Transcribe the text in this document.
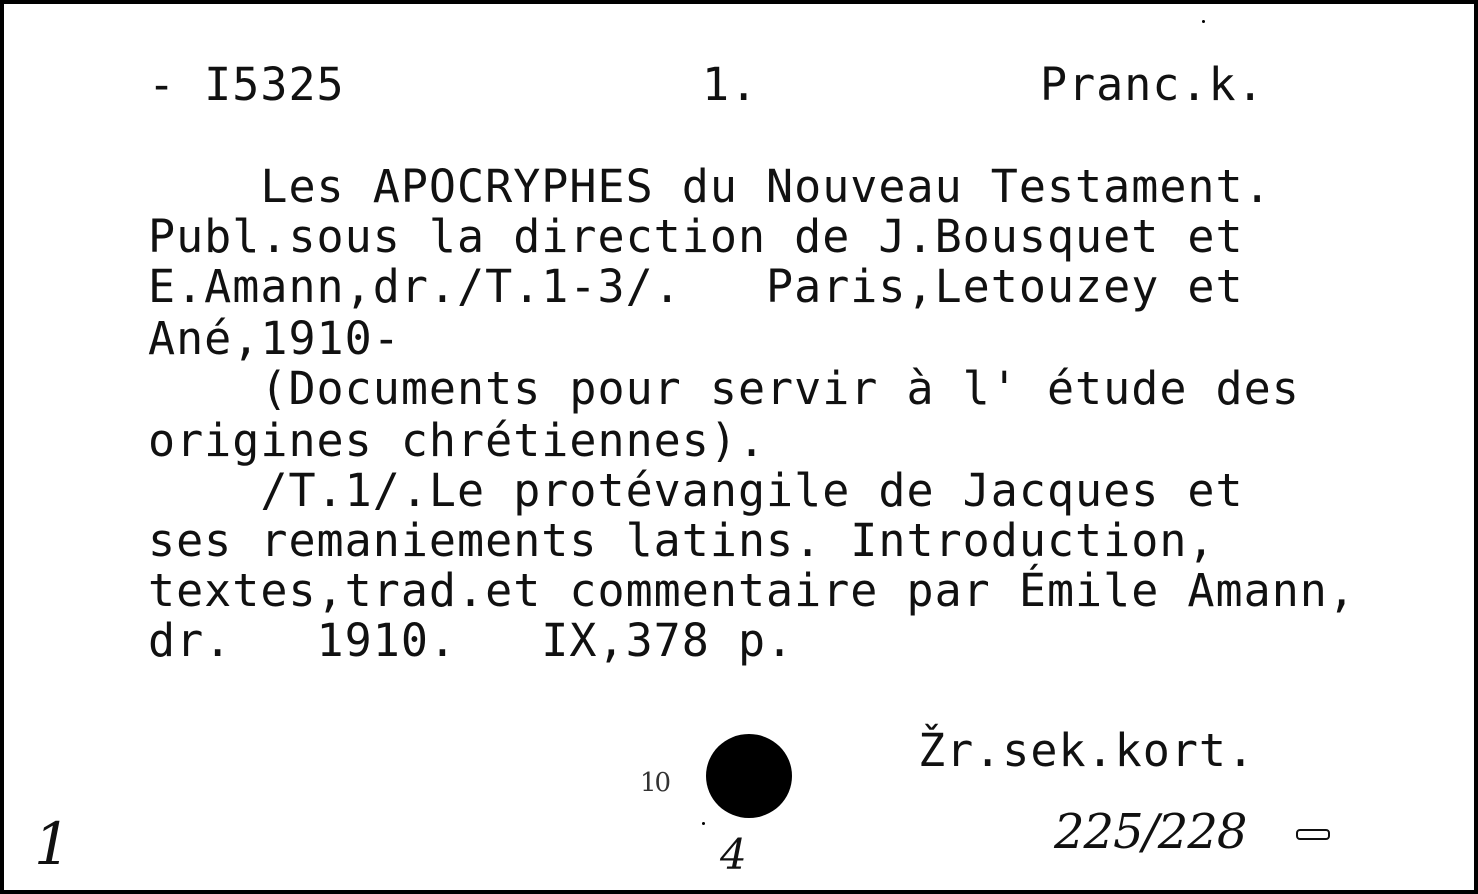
- I5325	1.	Pranc.k.
Les APOCRYPHES du Nouveau Testament.
Publ.sous la direction de J.Bousquet et
E.Amann,dr./T.1-3/.   Paris,Letouzey et
Ané,1910-
(Documents pour servir à l' étude des
origines chrétiennes).
/T.1/.Le protévangile de Jacques et
ses remaniements latins. Introduction,
textes,trad.et commentaire par Émile Amann,
dr.   1910.   IX,378 p.
Žr.sek.kort.
10
1	4	225/228
